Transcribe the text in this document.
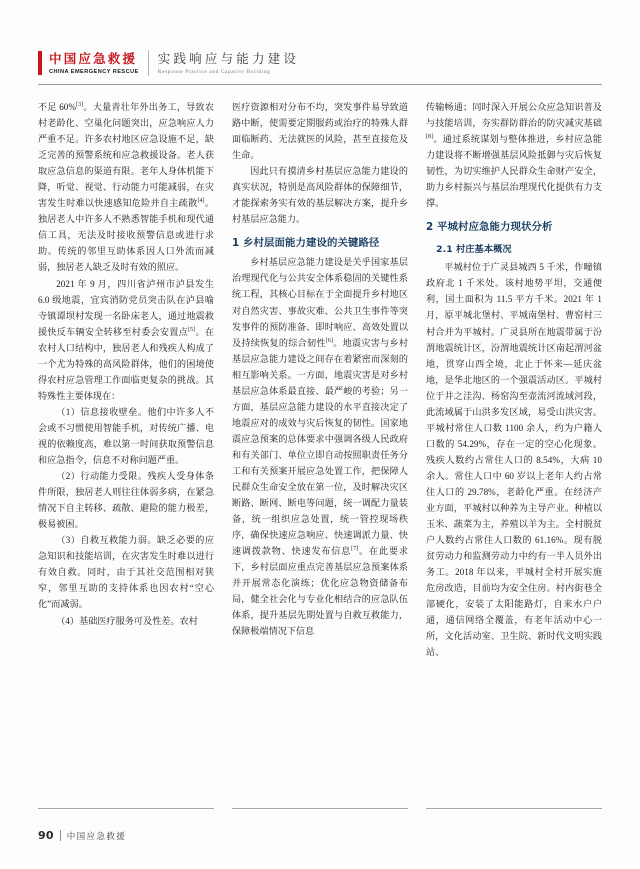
中国应急救援
CHINA EMERGENCY RESCUE
实践响应与能力建设
Response Practice and Capacity Building

不足 60%[3]。大量青壮年外出务工，导致农村老龄化、空巢化问题突出，应急响应人力严重不足。许多农村地区应急设施不足，缺乏完善的预警系统和应急救援设备。老人获取应急信息的渠道有限。老年人身体机能下降，听觉、视觉、行动能力可能减弱，在灾害发生时难以快速感知危险并自主疏散[4]。独居老人中许多人不熟悉智能手机和现代通信工具，无法及时接收预警信息或进行求助。传统的邻里互助体系因人口外流而减弱，独居老人缺乏及时有效的照应。

2021 年 9 月，四川省泸州市泸县发生 6.0 级地震，宜宾消防党员突击队在泸县喻寺镇谭坝村发现一名卧床老人，通过地震救援快反车辆安全转移至村委会安置点[5]。在农村人口结构中，独居老人和残疾人构成了一个尤为特殊的高风险群体，他们的困境使得农村应急管理工作面临更复杂的挑战。其特殊性主要体现在：

（1）信息接收壁垒。他们中许多人不会或不习惯使用智能手机，对传统广播、电视的依赖度高，难以第一时间获取预警信息和应急指令，信息不对称问题严重。

（2）行动能力受限。残疾人受身体条件所限，独居老人则往往体弱多病，在紧急情况下自主转移、疏散、避险的能力极差，极易被困。

（3）自救互救能力弱。缺乏必要的应急知识和技能培训，在灾害发生时难以进行有效自救。同时，由于其社交范围相对狭窄，邻里互助的支持体系也因农村“空心化”而减弱。

（4）基础医疗服务可及性差。农村

医疗资源相对分布不均，突发事件易导致道路中断，使需要定期服药或治疗的特殊人群面临断药、无法就医的风险，甚至直接危及生命。

因此只有摸清乡村基层应急能力建设的真实状况，特别是高风险群体的保障细节，才能探索务实有效的基层解决方案，提升乡村基层应急能力。

1 乡村层面能力建设的关键路径

乡村基层应急能力建设是关乎国家基层治理现代化与公共安全体系稳固的关键性系统工程，其核心目标在于全面提升乡村地区对自然灾害、事故灾难、公共卫生事件等突发事件的预防准备、即时响应、高效处置以及持续恢复的综合韧性[6]。地震灾害与乡村基层应急能力建设之间存在着紧密而深刻的相互影响关系。一方面，地震灾害是对乡村基层应急体系最直接、最严峻的考验；另一方面，基层应急能力建设的水平直接决定了地震应对的成效与灾后恢复的韧性。国家地震应急预案的总体要求中强调各级人民政府和有关部门、单位立即自动按照职责任务分工和有关预案开展应急处置工作，把保障人民群众生命安全放在第一位，及时解决灾区断路、断网、断电等问题，统一调配力量装备，统一组织应急处置，统一管控现场秩序，确保快速应急响应、快速调派力量、快速调拨款物、快速发布信息[7]。在此要求下，乡村层面应重点完善基层应急预案体系并开展常态化演练；优化应急物资储备布局，健全社会化与专业化相结合的应急队伍体系，提升基层先期处置与自救互救能力，保障极端情况下信息

传输畅通；同时深入开展公众应急知识普及与技能培训，夯实群防群治的防灾减灾基础[8]。通过系统谋划与整体推进，乡村应急能力建设将不断增强基层风险抵御与灾后恢复韧性，为切实维护人民群众生命财产安全，助力乡村振兴与基层治理现代化提供有力支撑。

2 平城村应急能力现状分析
2.1 村庄基本概况

平城村位于广灵县城西 5 千米，作疃镇政府北 1 千米处。该村地势平坦，交通便利，国土面积为 11.5 平方千米。2021 年 1 月，原平城北堡村、平城南堡村、曹窑村三村合并为平城村。广灵县所在地震带属于汾渭地震统计区，汾渭地震统计区南起渭河盆地，贯穿山西全境，北止于怀来—延庆盆地，是华北地区的一个强震活动区。平城村位于井之洼沟、杨窑沟至壶流河流域河段，此流域属于山洪多发区域，易受山洪灾害。平城村常住人口数 1100 余人，约为户籍人口数的 54.29%，存在一定的空心化现象。残疾人数约占常住人口的 8.54%，大病 10 余人。常住人口中 60 岁以上老年人约占常住人口的 29.78%，老龄化严重。在经济产业方面，平城村以种养为主导产业。种植以玉米、蔬菜为主，养殖以羊为主。全村脱贫户人数约占常住人口数的 61.16%。现有脱贫劳动力和监测劳动力中约有一半人员外出务工。2018 年以来，平城村全村开展实施危房改造，目前均为安全住房。村内街巷全部硬化，安装了太阳能路灯，自来水户户通，通信网络全覆盖，有老年活动中心一所，文化活动室、卫生院、新时代文明实践站、

90 中国应急救援
